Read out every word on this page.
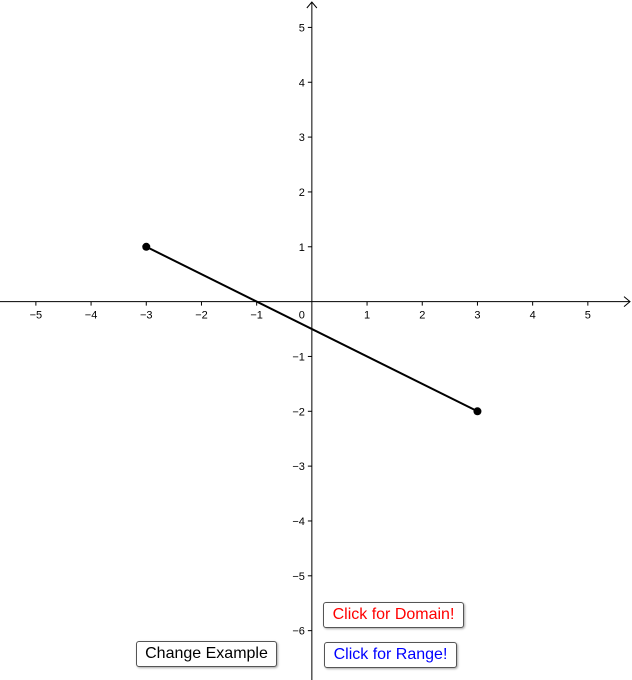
−5	−4	−3	−2	−1	1	2	3	4	5
−6
−5
−4
−3
−2
−1
1
2
3
4
5
0
Click for Domain!
Click for Range!
Change Example
